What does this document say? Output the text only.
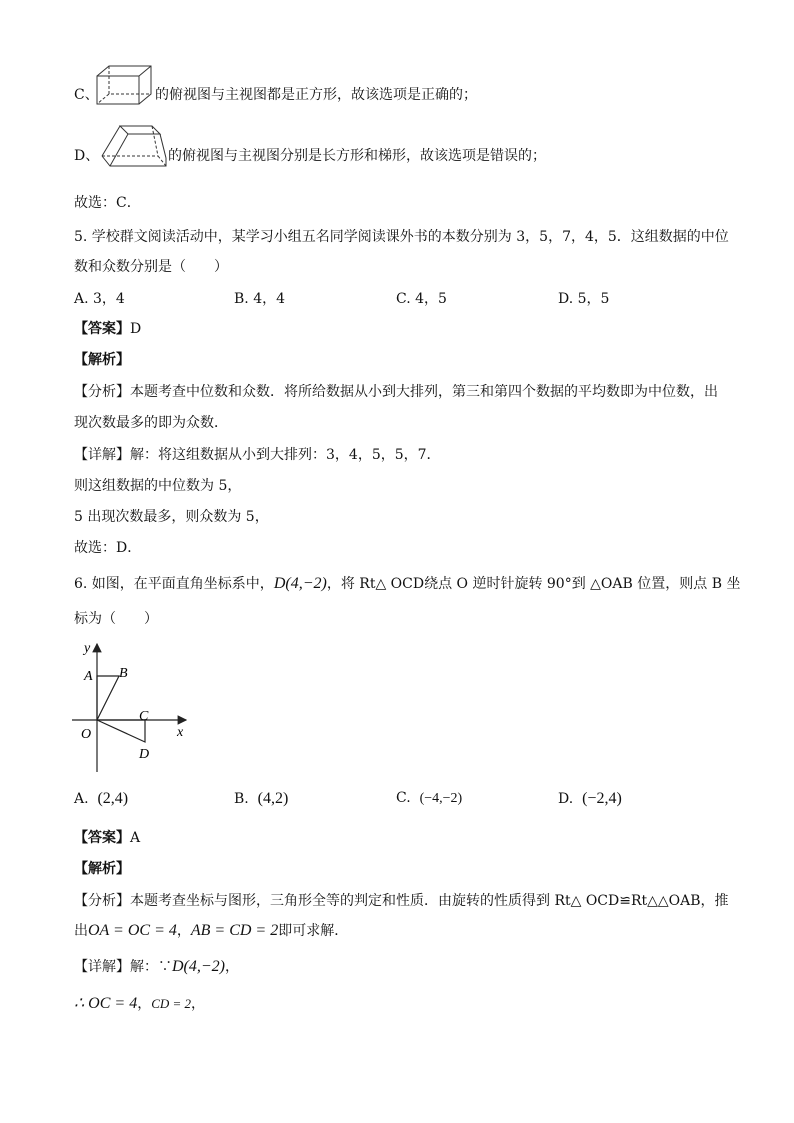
C、	的俯视图与主视图都是正方形，故该选项是正确的；
D、	的俯视图与主视图分别是长方形和梯形，故该选项是错误的；
故选：C．
5. 学校群文阅读活动中，某学习小组五名同学阅读课外书的本数分别为 3，5，7，4，5．这组数据的中位
数和众数分别是（　　）
A. 3，4	B. 4，4	C. 4，5	D. 5，5
【答案】D
【解析】
【分析】本题考查中位数和众数．将所给数据从小到大排列，第三和第四个数据的平均数即为中位数，出
现次数最多的即为众数．
【详解】解：将这组数据从小到大排列：3，4，5，5，7．
则这组数据的中位数为 5，
5 出现次数最多，则众数为 5，
故选：D．
6. 如图，在平面直角坐标系中，D(4,−2)，将 Rt△ OCD绕点 O 逆时针旋转 90°到 △OAB 位置，则点 B 坐
标为（　　）
y
x
A B
C
D
O
A. (2,4)	B. (4,2)	C. (−4,−2)	D. (−2,4)
【答案】A
【解析】
【分析】本题考查坐标与图形，三角形全等的判定和性质．由旋转的性质得到 Rt△ OCD≌Rt△△OAB，推
出OA = OC = 4，AB = CD = 2即可求解．
【详解】解：∵D(4,−2)，
∴ OC = 4，CD = 2，
